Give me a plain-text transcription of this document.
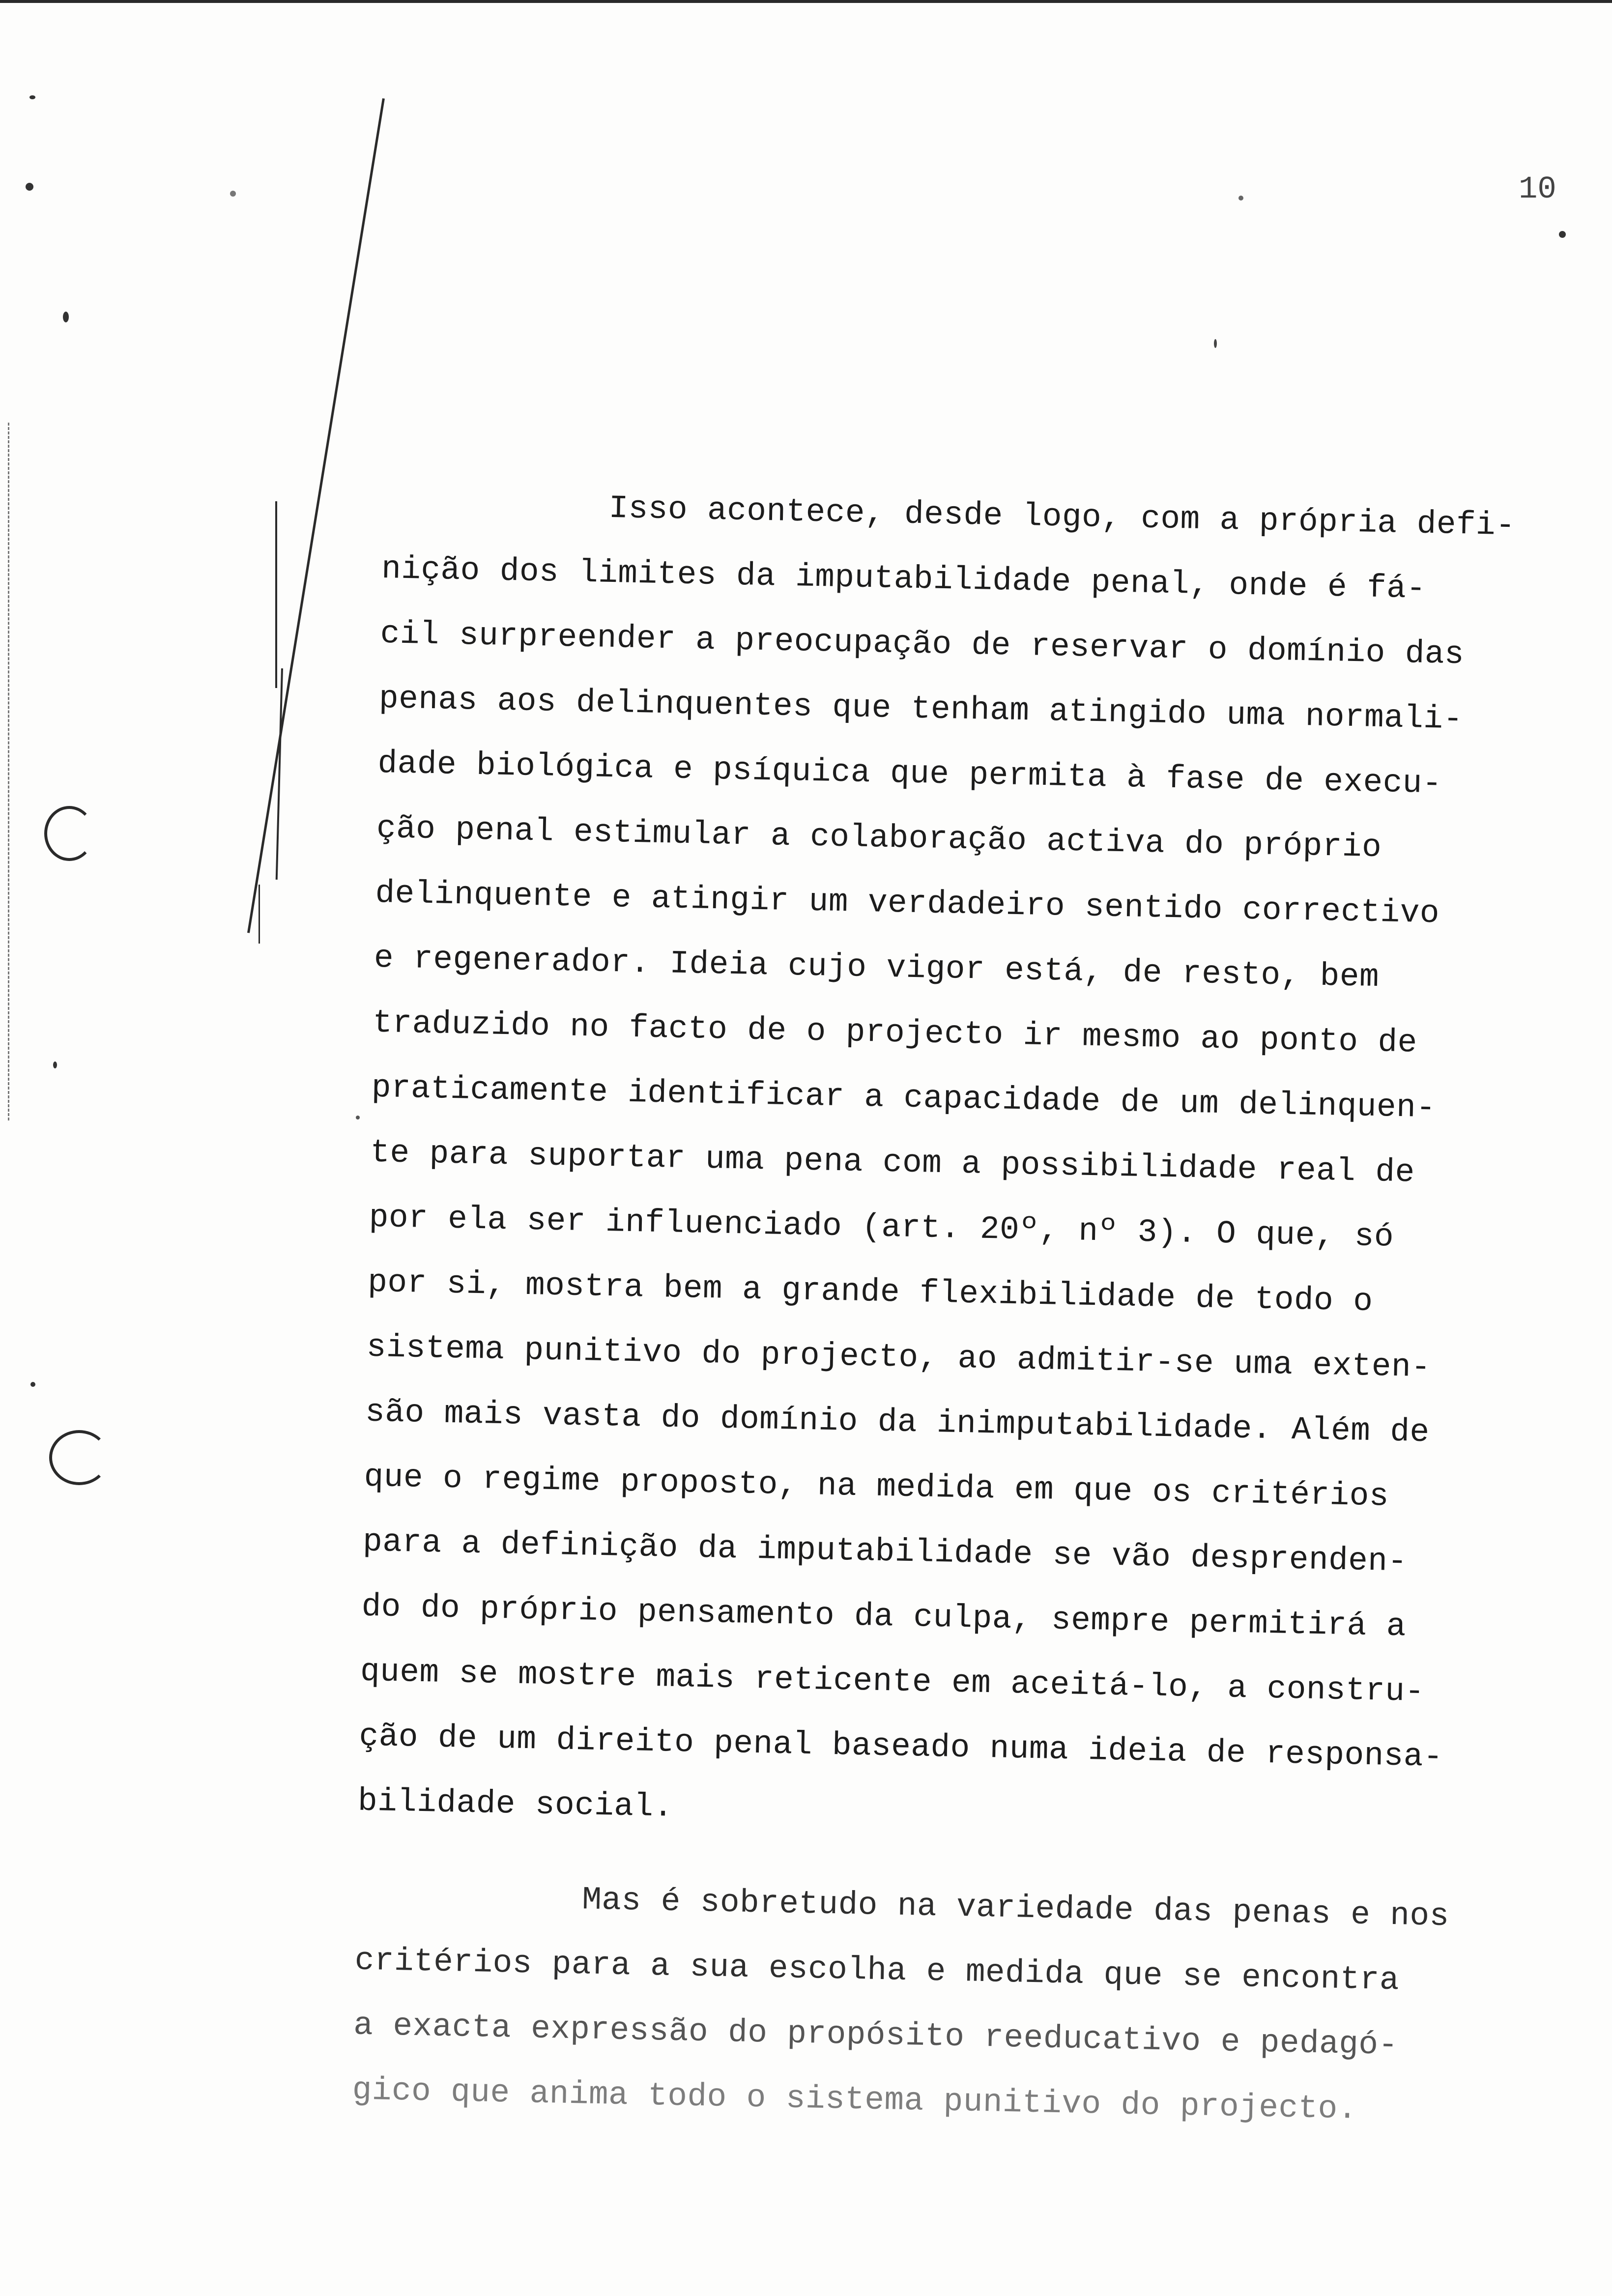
10
Isso acontece, desde logo, com a própria defi-
nição dos limites da imputabilidade penal, onde é fá-
cil surpreender a preocupação de reservar o domínio das
penas aos delinquentes que tenham atingido uma normali-
dade biológica e psíquica que permita à fase de execu-
ção penal estimular a colaboração activa do próprio
delinquente e atingir um verdadeiro sentido correctivo
e regenerador. Ideia cujo vigor está, de resto, bem
traduzido no facto de o projecto ir mesmo ao ponto de
praticamente identificar a capacidade de um delinquen-
te para suportar uma pena com a possibilidade real de
por ela ser influenciado (art. 20º, nº 3). O que, só
por si, mostra bem a grande flexibilidade de todo o
sistema punitivo do projecto, ao admitir-se uma exten-
são mais vasta do domínio da inimputabilidade. Além de
que o regime proposto, na medida em que os critérios
para a definição da imputabilidade se vão desprenden-
do do próprio pensamento da culpa, sempre permitirá a
quem se mostre mais reticente em aceitá-lo, a constru-
ção de um direito penal baseado numa ideia de responsa-
bilidade social.
Mas é sobretudo na variedade das penas e nos
critérios para a sua escolha e medida que se encontra
a exacta expressão do propósito reeducativo e pedagó-
gico que anima todo o sistema punitivo do projecto.
